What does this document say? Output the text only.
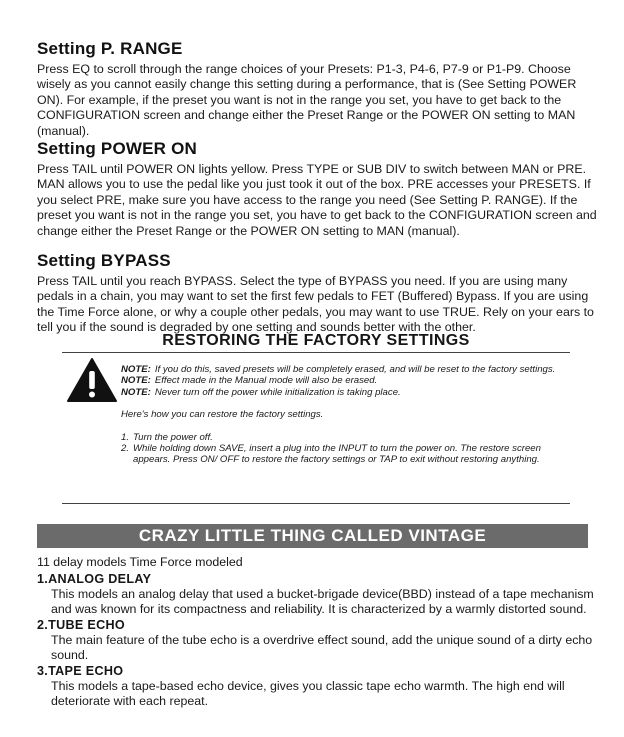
Setting P. RANGE

Press EQ to scroll through the range choices of your Presets: P1-3, P4-6, P7-9 or P1-P9. Choose wisely as you cannot easily change this setting during a performance, that is (See Setting POWER ON). For example, if the preset you want is not in the range you set, you have to get back to the CONFIGURATION screen and change either the Preset Range or the POWER ON setting to MAN (manual).

Setting POWER ON

Press TAIL until POWER ON lights yellow. Press TYPE or SUB DIV to switch between MAN or PRE. MAN allows you to use the pedal like you just took it out of the box. PRE accesses your PRESETS. If you select PRE, make sure you have access to the range you need (See Setting P. RANGE). If the preset you want is not in the range you set, you have to get back to the CONFIGURATION screen and change either the Preset Range or the POWER ON setting to MAN (manual).

Setting BYPASS

Press TAIL until you reach BYPASS. Select the type of BYPASS you need. If you are using many pedals in a chain, you may want to set the first few pedals to FET (Buffered) Bypass. If you are using the Time Force alone, or why a couple other pedals, you may want to use TRUE. Rely on your ears to tell you if the sound is degraded by one setting and sounds better with the other.

RESTORING THE FACTORY SETTINGS
NOTE: If you do this, saved presets will be completely erased, and will be reset to the factory settings.
NOTE: Effect made in the Manual mode will also be erased.
NOTE: Never turn off the power while initialization is taking place.
Here's how you can restore the factory settings.
1. Turn the power off.
2. While holding down SAVE, insert a plug into the INPUT to turn the power on. The restore screen appears. Press ON/ OFF to restore the factory settings or TAP to exit without restoring anything.
CRAZY LITTLE THING CALLED VINTAGE
11 delay models Time Force modeled
1.ANALOG DELAY

This models an analog delay that used a bucket-brigade device(BBD) instead of a tape mechanism and was known for its compactness and reliability. It is characterized by a warmly distorted sound.

2.TUBE ECHO

The main feature of the tube echo is a overdrive effect sound, add the unique sound of a dirty echo sound.

3.TAPE ECHO

This models a tape-based echo device, gives you classic tape echo warmth. The high end will deteriorate with each repeat.
